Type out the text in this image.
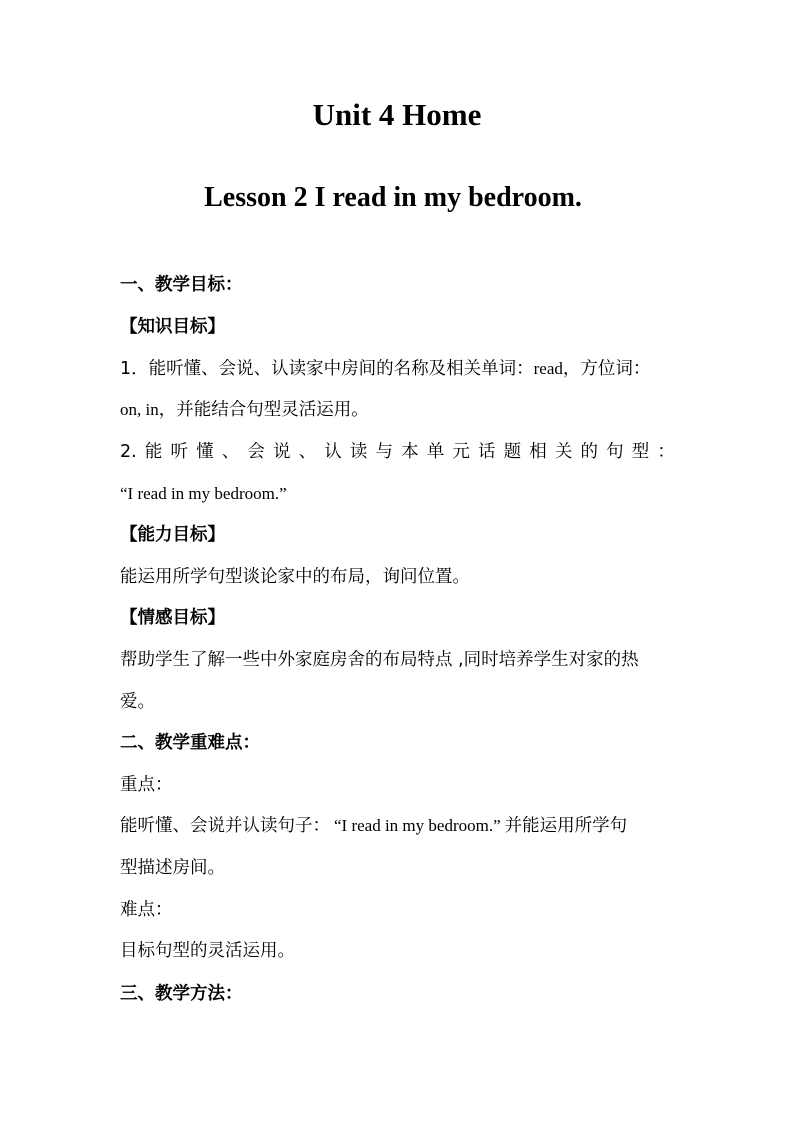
Unit 4 Home
Lesson 2 I read in my bedroom.
一、教学目标：
【知识目标】
1．能听懂、会说、认读家中房间的名称及相关单词：read，方位词：
on, in，并能结合句型灵活运用。
2. 能 听 懂 、 会 说 、 认 读 与 本 单 元 话 题 相 关 的 句 型 ：
“I read in my bedroom.”
【能力目标】
能运用所学句型谈论家中的布局，询问位置。
【情感目标】
帮助学生了解一些中外家庭房舍的布局特点 ,同时培养学生对家的热
爱。
二、教学重难点：
重点：
能听懂、会说并认读句子： “I read in my bedroom.” 并能运用所学句
型描述房间。
难点：
目标句型的灵活运用。
三、教学方法：
